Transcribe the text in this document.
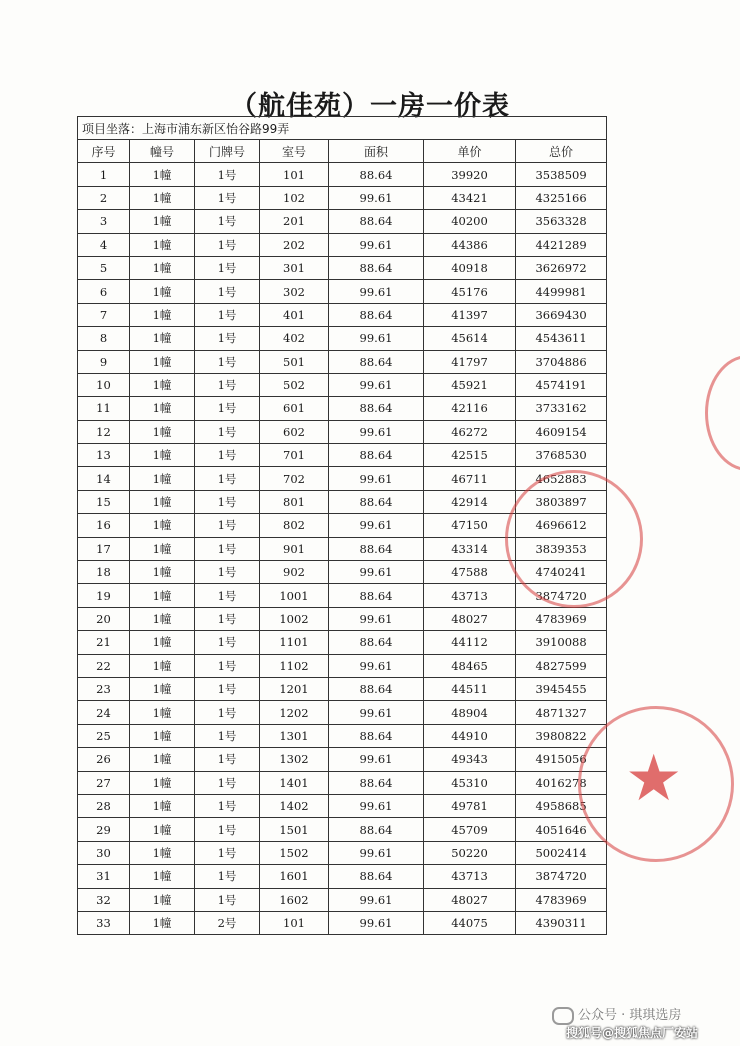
（航佳苑）一房一价表
项目坐落：上海市浦东新区怡谷路99弄						
序号	幢号	门牌号	室号	面积	单价	总价
1	1幢	1号	101	88.64	39920	3538509
2	1幢	1号	102	99.61	43421	4325166
3	1幢	1号	201	88.64	40200	3563328
4	1幢	1号	202	99.61	44386	4421289
5	1幢	1号	301	88.64	40918	3626972
6	1幢	1号	302	99.61	45176	4499981
7	1幢	1号	401	88.64	41397	3669430
8	1幢	1号	402	99.61	45614	4543611
9	1幢	1号	501	88.64	41797	3704886
10	1幢	1号	502	99.61	45921	4574191
11	1幢	1号	601	88.64	42116	3733162
12	1幢	1号	602	99.61	46272	4609154
13	1幢	1号	701	88.64	42515	3768530
14	1幢	1号	702	99.61	46711	4652883
15	1幢	1号	801	88.64	42914	3803897
16	1幢	1号	802	99.61	47150	4696612
17	1幢	1号	901	88.64	43314	3839353
18	1幢	1号	902	99.61	47588	4740241
19	1幢	1号	1001	88.64	43713	3874720
20	1幢	1号	1002	99.61	48027	4783969
21	1幢	1号	1101	88.64	44112	3910088
22	1幢	1号	1102	99.61	48465	4827599
23	1幢	1号	1201	88.64	44511	3945455
24	1幢	1号	1202	99.61	48904	4871327
25	1幢	1号	1301	88.64	44910	3980822
26	1幢	1号	1302	99.61	49343	4915056
27	1幢	1号	1401	88.64	45310	4016278
28	1幢	1号	1402	99.61	49781	4958685
29	1幢	1号	1501	88.64	45709	4051646
30	1幢	1号	1502	99.61	50220	5002414
31	1幢	1号	1601	88.64	43713	3874720
32	1幢	1号	1602	99.61	48027	4783969
33	1幢	2号	101	99.61	44075	4390311
★
公众号 · 琪琪选房
搜狐号@搜狐焦点厂安站
